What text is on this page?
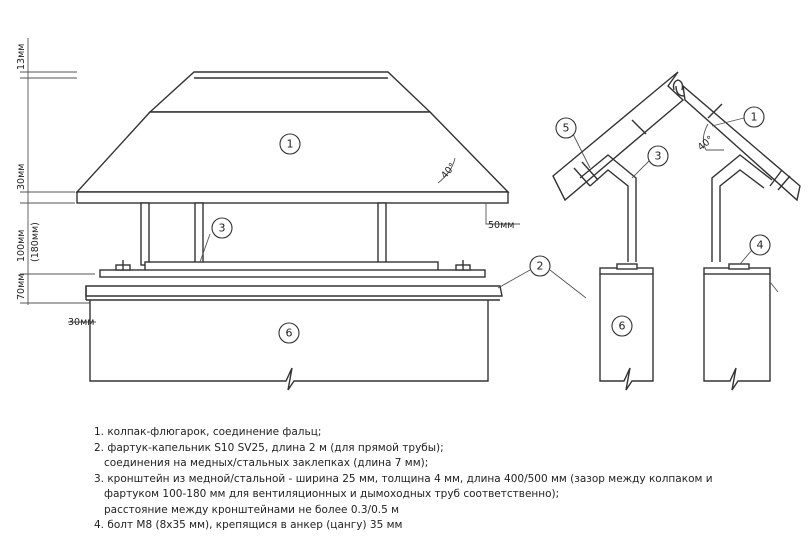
13мм
30мм
100мм (180мм)
70мм
40°
50мм
30мм
1
3
6
2
5
3
6
40°
1
4
1. колпак-флюгарок, соединение фальц;
2. фартук-капельник S10 SV25, длина 2 м (для прямой трубы);
соединения на медных/стальных заклепках (длина 7 мм);
3. кронштейн из медной/стальной - ширина 25 мм, толщина 4 мм, длина 400/500 мм (зазор между колпаком и
фартуком 100-180 мм для вентиляционных и дымоходных труб соответственно);
расстояние между кронштейнами не более 0.3/0.5 м
4. болт М8 (8х35 мм), крепящися в анкер (цангу) 35 мм
